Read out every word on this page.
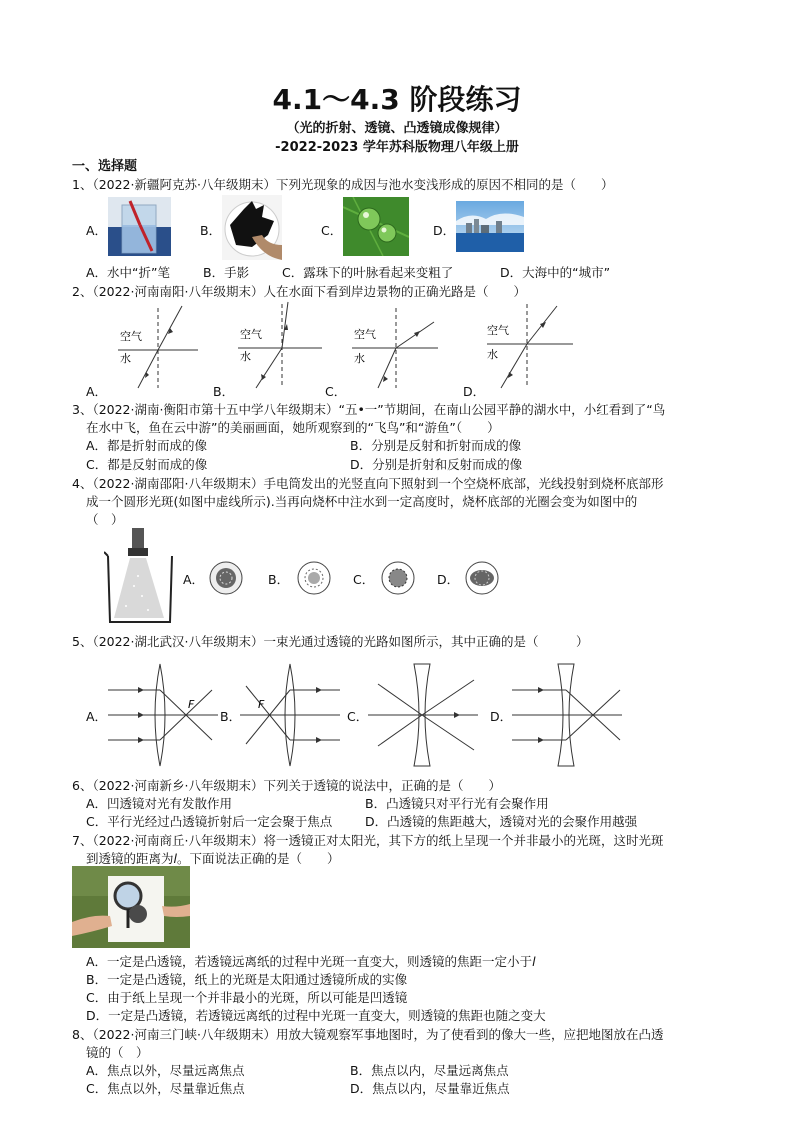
4.1～4.3 阶段练习
（光的折射、透镜、凸透镜成像规律）
-2022-2023 学年苏科版物理八年级上册
一、选择题
1、（2022·新疆阿克苏·八年级期末）下列光现象的成因与池水变浅形成的原因不相同的是（　　）
A．	B．	C．	D．
A．水中“折”笔	B．手影	C．露珠下的叶脉看起来变粗了	D．大海中的“城市”
2、（2022·河南南阳·八年级期末）人在水面下看到岸边景物的正确光路是（　　）
空气
水
空气
水
空气
水
空气
水
A．	B．	C．	D．
3、（2022·湖南·衡阳市第十五中学八年级期末）“五•一”节期间，在南山公园平静的湖水中，小红看到了“鸟
在水中飞，鱼在云中游”的美丽画面，她所观察到的“飞鸟”和“游鱼”（　　）
A．都是折射而成的像	B．分别是反射和折射而成的像
C．都是反射而成的像	D．分别是折射和反射而成的像
4、（2022·湖南邵阳·八年级期末）手电筒发出的光竖直向下照射到一个空烧杯底部，光线投射到烧杯底部形
成一个圆形光斑(如图中虚线所示).当再向烧杯中注水到一定高度时，烧杯底部的光圈会变为如图中的
（　）
A．	B．	C．	D．
5、（2022·湖北武汉·八年级期末）一束光通过透镜的光路如图所示，其中正确的是（　　　）
A．
F
B．
F
C．	D．
6、（2022·河南新乡·八年级期末）下列关于透镜的说法中，正确的是（　　）
A．凹透镜对光有发散作用	B．凸透镜只对平行光有会聚作用
C．平行光经过凸透镜折射后一定会聚于焦点	D．凸透镜的焦距越大，透镜对光的会聚作用越强
7、（2022·河南商丘·八年级期末）将一透镜正对太阳光，其下方的纸上呈现一个并非最小的光斑，这时光斑
到透镜的距离为l。下面说法正确的是（　　）
A．一定是凸透镜，若透镜远离纸的过程中光斑一直变大，则透镜的焦距一定小于l
B．一定是凸透镜，纸上的光斑是太阳通过透镜所成的实像
C．由于纸上呈现一个并非最小的光斑，所以可能是凹透镜
D．一定是凸透镜，若透镜远离纸的过程中光斑一直变大，则透镜的焦距也随之变大
8、（2022·河南三门峡·八年级期末）用放大镜观察军事地图时，为了使看到的像大一些，应把地图放在凸透
镜的（　）
A．焦点以外，尽量远离焦点	B．焦点以内，尽量远离焦点
C．焦点以外，尽量靠近焦点	D．焦点以内，尽量靠近焦点
